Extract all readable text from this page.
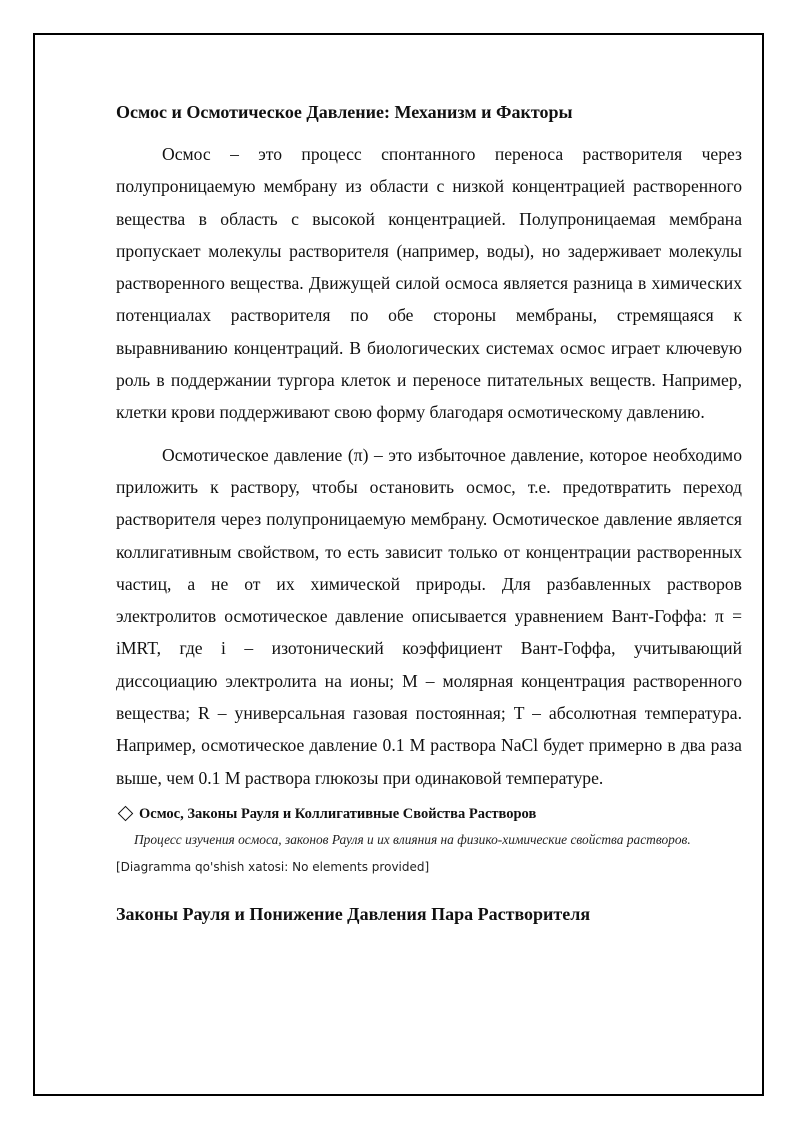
Осмос и Осмотическое Давление: Механизм и Факторы

Осмос – это процесс спонтанного переноса растворителя через полупроницаемую мембрану из области с низкой концентрацией растворенного вещества в область с высокой концентрацией. Полупроницаемая мембрана пропускает молекулы растворителя (например, воды), но задерживает молекулы растворенного вещества. Движущей силой осмоса является разница в химических потенциалах растворителя по обе стороны мембраны, стремящаяся к выравниванию концентраций. В биологических системах осмос играет ключевую роль в поддержании тургора клеток и переносе питательных веществ. Например, клетки крови поддерживают свою форму благодаря осмотическому давлению.

Осмотическое давление (π) – это избыточное давление, которое необходимо приложить к раствору, чтобы остановить осмос, т.е. предотвратить переход растворителя через полупроницаемую мембрану. Осмотическое давление является коллигативным свойством, то есть зависит только от концентрации растворенных частиц, а не от их химической природы. Для разбавленных растворов электролитов осмотическое давление описывается уравнением Вант-Гоффа: π = iMRT, где i – изотонический коэффициент Вант-Гоффа, учитывающий диссоциацию электролита на ионы; M – молярная концентрация растворенного вещества; R – универсальная газовая постоянная; T – абсолютная температура. Например, осмотическое давление 0.1 M раствора NaCl будет примерно в два раза выше, чем 0.1 M раствора глюкозы при одинаковой температуре.

Осмос, Законы Рауля и Коллигативные Свойства Растворов
Процесс изучения осмоса, законов Рауля и их влияния на физико-химические свойства растворов.
[Diagramma qo'shish xatosi: No elements provided]
Законы Рауля и Понижение Давления Пара Растворителя
